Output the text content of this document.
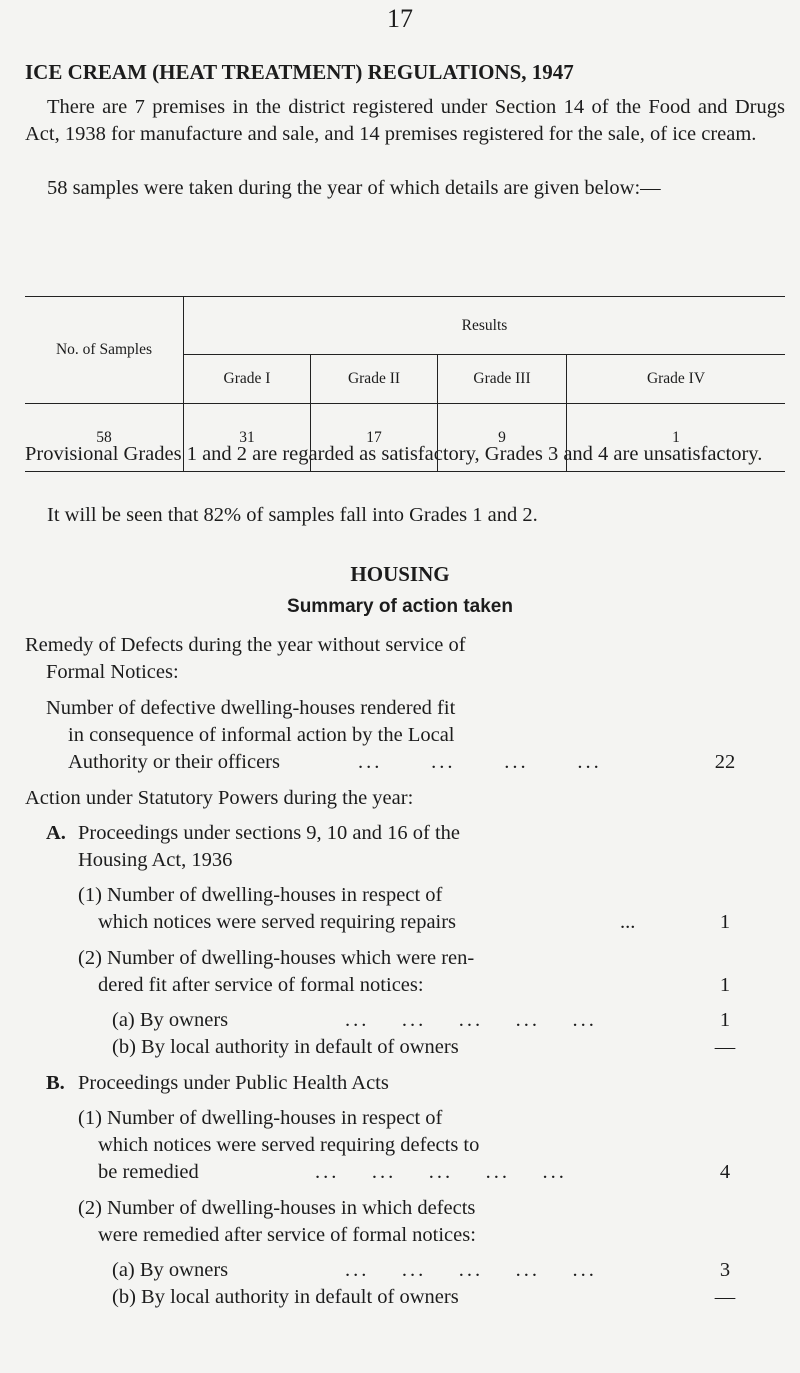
17
ICE CREAM (HEAT TREATMENT) REGULATIONS, 1947
There are 7 premises in the district registered under Section 14 of the Food and Drugs Act, 1938 for manufacture and sale, and 14 premises registered for the sale, of ice cream.
58 samples were taken during the year of which details are given below:—
No. of Samples	Results			
	Grade I	Grade II	Grade III	Grade IV
58	31	17	9	1
Provisional Grades 1 and 2 are regarded as satisfactory, Grades 3 and 4 are unsatisfactory.
It will be seen that 82% of samples fall into Grades 1 and 2.
HOUSING
Summary of action taken
Remedy of Defects during the year without service of
Formal Notices:
Number of defective dwelling-houses rendered fit
in consequence of informal action by the Local
Authority or their officers	... ... ... ...	22
Action under Statutory Powers during the year:
A. Proceedings under sections 9, 10 and 16 of the
Housing Act, 1936
(1) Number of dwelling-houses in respect of
which notices were served requiring repairs	...	1
(2) Number of dwelling-houses which were ren-
dered fit after service of formal notices:	1
(a) By owners	... ... ... ... ...	1
(b) By local authority in default of owners	—
B. Proceedings under Public Health Acts
(1) Number of dwelling-houses in respect of
which notices were served requiring defects to
be remedied	... ... ... ... ...	4
(2) Number of dwelling-houses in which defects
were remedied after service of formal notices:
(a) By owners	... ... ... ... ...	3
(b) By local authority in default of owners	—
